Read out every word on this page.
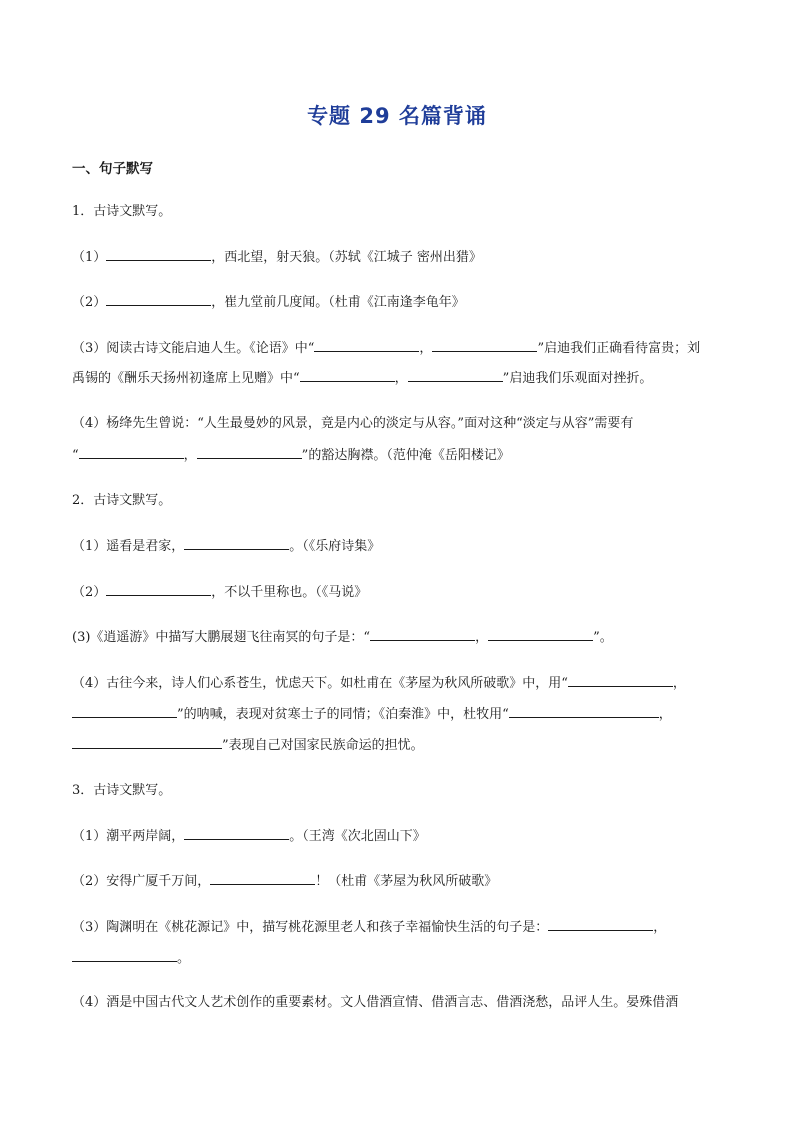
专题 29 名篇背诵
一、句子默写
1．古诗文默写。
（1）	，西北望，射天狼。（苏轼《江城子 密州出猎》
（2）	，崔九堂前几度闻。（杜甫《江南逢李龟年》
（3）阅读古诗文能启迪人生。《论语》中“	，	”启迪我们正确看待富贵；刘
禹锡的《酬乐天扬州初逢席上见赠》中“	，	”启迪我们乐观面对挫折。
（4）杨绛先生曾说：“人生最曼妙的风景，竟是内心的淡定与从容。”面对这种“淡定与从容”需要有
“	，	”的豁达胸襟。（范仲淹《岳阳楼记》
2．古诗文默写。
（1）遥看是君家，	。（《乐府诗集》
（2）	，不以千里称也。（《马说》
(3)《逍遥游》中描写大鹏展翅飞往南冥的句子是：“	，	”。
（4）古往今来，诗人们心系苍生，忧虑天下。如杜甫在《茅屋为秋风所破歌》中，用“	，
”的呐喊，表现对贫寒士子的同情；《泊秦淮》中，杜牧用“	，
”表现自己对国家民族命运的担忧。
3．古诗文默写。
（1）潮平两岸阔，	。（王湾《次北固山下》
（2）安得广厦千万间，	！（杜甫《茅屋为秋风所破歌》
（3）陶渊明在《桃花源记》中，描写桃花源里老人和孩子幸福愉快生活的句子是：	，
。
（4）酒是中国古代文人艺术创作的重要素材。文人借酒宣情、借酒言志、借酒浇愁，品评人生。晏殊借酒
